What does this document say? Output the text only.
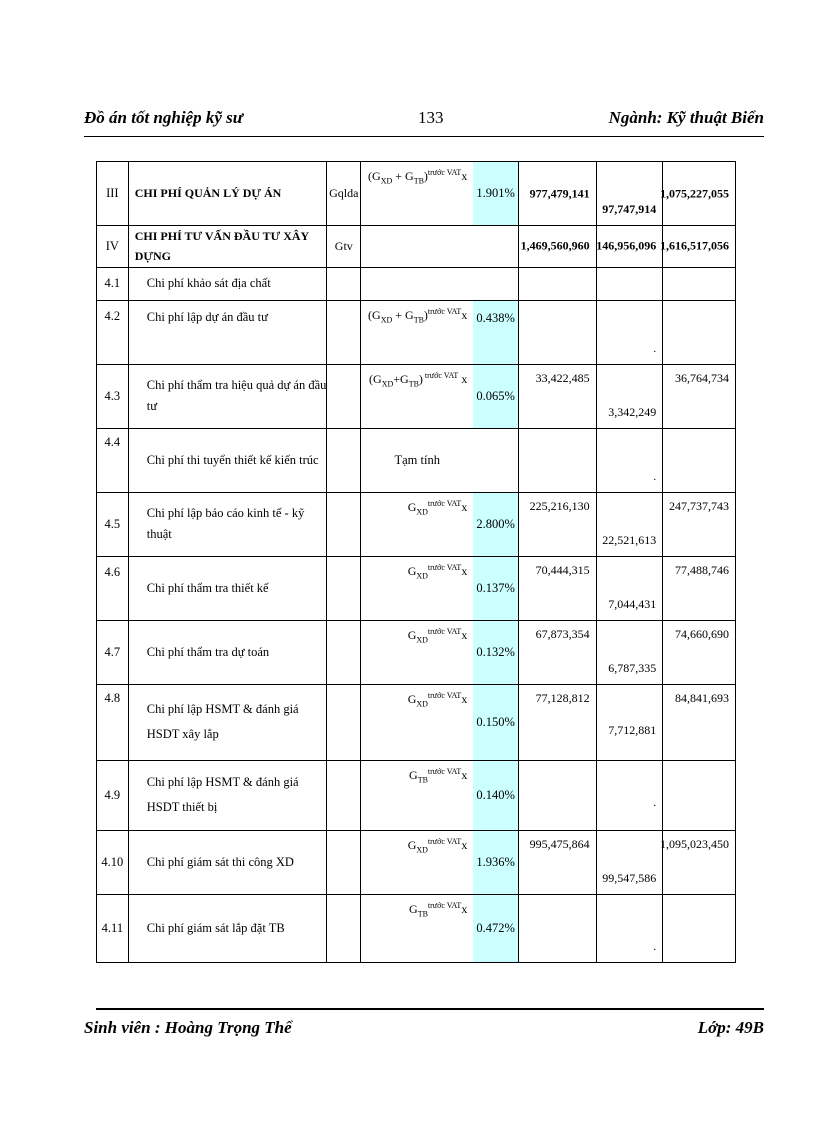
Đồ án tốt nghiệp kỹ sư	133	Ngành: Kỹ thuật Biển
III	CHI PHÍ QUẢN LÝ DỰ ÁN	Gqlda	$(G_{XD} + G_{TB})^{trước VAT}x$	1.901%	977,479,141	97,747,914	1,075,227,055

IV	CHI PHÍ TƯ VẤN ĐẦU TƯ XÂY DỰNG	Gtv			1,469,560,960	146,956,096	1,616,517,056

4.1	Chi phí khảo sát địa chất						
4.2	Chi phí lập dự án đầu tư		$(G_{XD} + G_{TB})^{trước VAT}x$	0.438%		.	

4.3	Chi phí thẩm tra hiệu quả dự án đầu tư		$(G_{XD}+G_{TB})$ $^{trước VAT}$ x	0.065%	33,422,485	3,342,249	36,764,734

4.4	Chi phí thi tuyển thiết kế kiến trúc		Tạm tính			.	

4.5	Chi phí lập báo cáo kinh tế - kỹ thuật		$G_{XD}^{trước VAT}x$	2.800%	225,216,130	22,521,613	247,737,743

4.6	Chi phí thẩm tra thiết kế		$G_{XD}^{trước VAT}x$	0.137%	70,444,315	7,044,431	77,488,746

4.7	Chi phí thẩm tra dự toán		$G_{XD}^{trước VAT}x$	0.132%	67,873,354	6,787,335	74,660,690

4.8	Chi phí lập HSMT & đánh giá HSDT xây lắp		$G_{XD}^{trước VAT}x$	0.150%	77,128,812	7,712,881	84,841,693

4.9	Chi phí lập HSMT & đánh giá HSDT thiết bị		$G_{TB}^{trước VAT}x$	0.140%		.	

4.10	Chi phí giám sát thi công XD		$G_{XD}^{trước VAT}x$	1.936%	995,475,864	99,547,586	1,095,023,450

4.11	Chi phí giám sát lắp đặt TB		$G_{TB}^{trước VAT}x$	0.472%		.	

Sinh viên : Hoàng Trọng Thể	Lớp: 49B
